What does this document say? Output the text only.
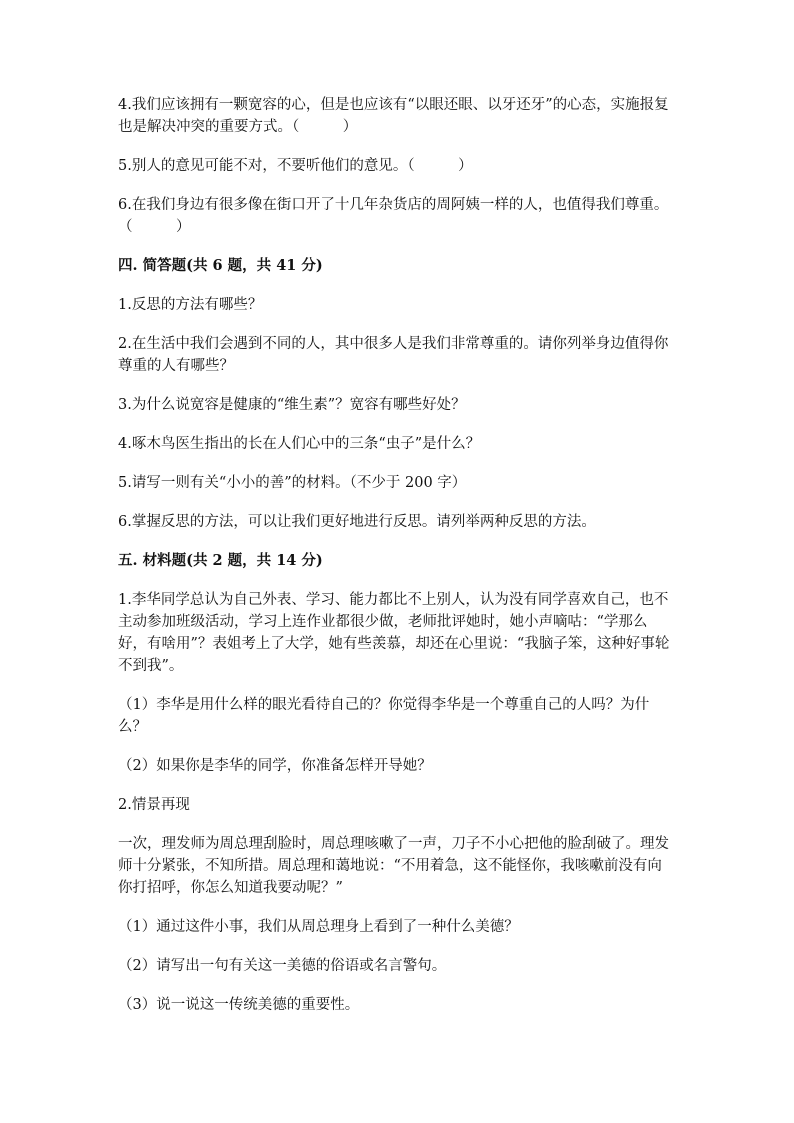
4.我们应该拥有一颗宽容的心，但是也应该有“以眼还眼、以牙还牙”的心态，实施报复也是解决冲突的重要方式。（　　　）

5.别人的意见可能不对，不要听他们的意见。（　　　）

6.在我们身边有很多像在街口开了十几年杂货店的周阿姨一样的人，也值得我们尊重。（　　　）

四. 简答题(共 6 题，共 41 分)

1.反思的方法有哪些？

2.在生活中我们会遇到不同的人，其中很多人是我们非常尊重的。请你列举身边值得你尊重的人有哪些？

3.为什么说宽容是健康的“维生素”？宽容有哪些好处？

4.啄木鸟医生指出的长在人们心中的三条“虫子”是什么？

5.请写一则有关“小小的善”的材料。（不少于 200 字）

6.掌握反思的方法，可以让我们更好地进行反思。请列举两种反思的方法。

五. 材料题(共 2 题，共 14 分)

1.李华同学总认为自己外表、学习、能力都比不上别人，认为没有同学喜欢自己，也不主动参加班级活动，学习上连作业都很少做，老师批评她时，她小声嘀咕：“学那么好，有啥用”？表姐考上了大学，她有些羡慕，却还在心里说：“我脑子笨，这种好事轮不到我”。

（1）李华是用什么样的眼光看待自己的？你觉得李华是一个尊重自己的人吗？为什么？

（2）如果你是李华的同学，你准备怎样开导她？

2.情景再现

一次，理发师为周总理刮脸时，周总理咳嗽了一声，刀子不小心把他的脸刮破了。理发师十分紧张，不知所措。周总理和蔼地说：“不用着急，这不能怪你，我咳嗽前没有向你打招呼，你怎么知道我要动呢？”

（1）通过这件小事，我们从周总理身上看到了一种什么美德？

（2）请写出一句有关这一美德的俗语或名言警句。

（3）说一说这一传统美德的重要性。
